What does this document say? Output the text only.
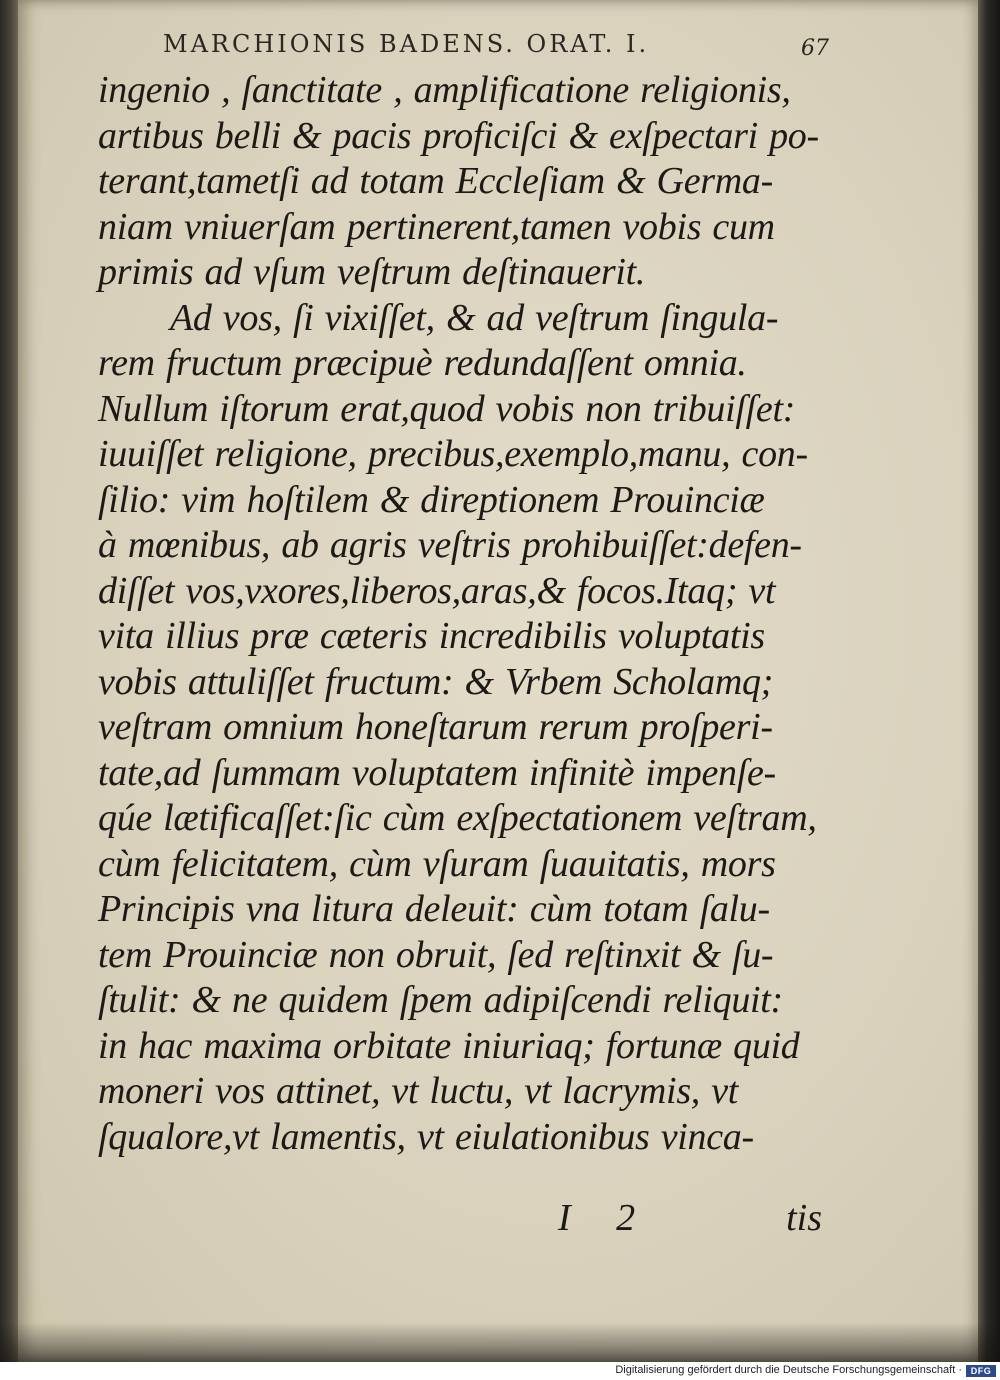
MARCHIONIS BADENS. ORAT. I.	67
ingenio , ſanctitate , amplificatione religionis,
artibus belli & pacis proficiſci & exſpectari po-
terant,tametſi ad totam Eccleſiam & Germa-
niam vniuerſam pertinerent,tamen vobis cum
primis ad vſum veſtrum deſtinauerit.
Ad vos, ſi vixiſſet, & ad veſtrum ſingula-
rem fructum præcipuè redundaſſent omnia.
Nullum iſtorum erat,quod vobis non tribuiſſet:
iuuiſſet religione, precibus,exemplo,manu, con-
ſilio: vim hoſtilem & direptionem Prouinciæ
à mœnibus, ab agris veſtris prohibuiſſet:defen-
diſſet vos,vxores,liberos,aras,& focos.Itaq; vt
vita illius præ cæteris incredibilis voluptatis
vobis attuliſſet fructum: & Vrbem Scholamq;
veſtram omnium honeſtarum rerum proſperi-
tate,ad ſummam voluptatem infinitè impenſe-
qúe lætificaſſet:ſic cùm exſpectationem veſtram,
cùm felicitatem, cùm vſuram ſuauitatis, mors
Principis vna litura deleuit: cùm totam ſalu-
tem Prouinciæ non obruit, ſed reſtinxit & ſu-
ſtulit: & ne quidem ſpem adipiſcendi reliquit:
in hac maxima orbitate iniuriaq; fortunæ quid
moneri vos attinet, vt luctu, vt lacrymis, vt
ſqualore,vt lamentis, vt eiulationibus vinca-
I 2	tis
Digitalisierung gefördert durch die Deutsche Forschungsgemeinschaft · DFG
